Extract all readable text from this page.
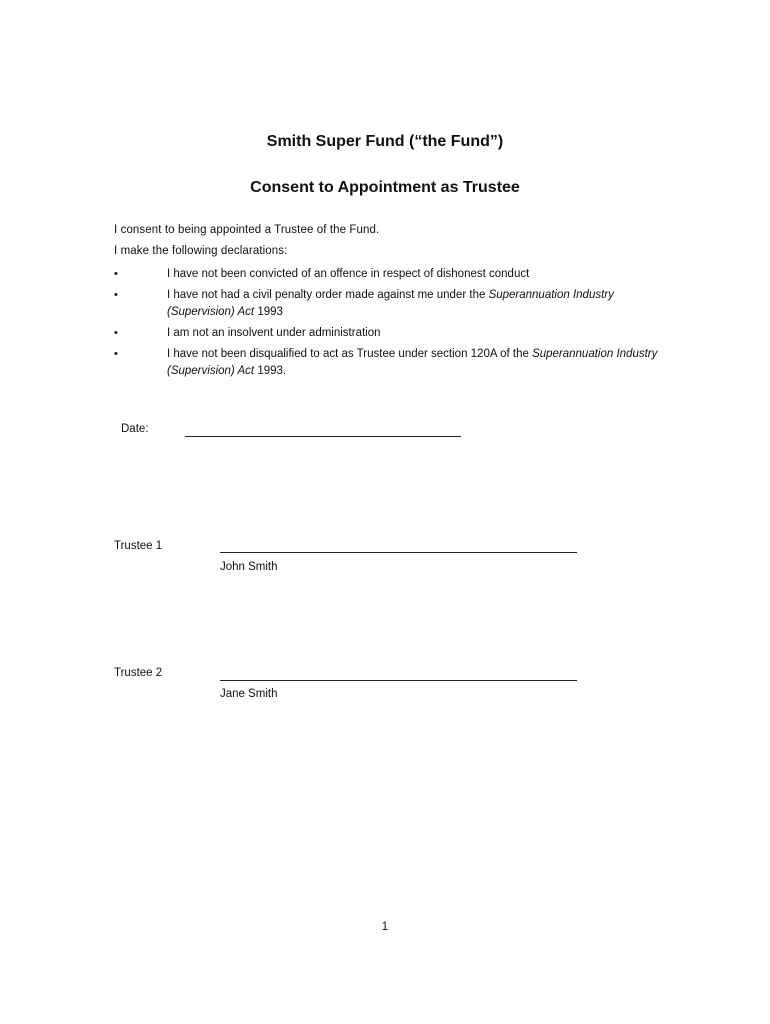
Smith Super Fund (“the Fund”)
Consent to Appointment as Trustee
I consent to being appointed a Trustee of the Fund.
I make the following declarations:
•	I have not been convicted of an offence in respect of dishonest conduct
•	I have not had a civil penalty order made against me under the Superannuation Industry (Supervision) Act 1993
•	I am not an insolvent under administration
•	I have not been disqualified to act as Trustee under section 120A of the Superannuation Industry (Supervision) Act 1993.
Date:
Trustee 1
John Smith
Trustee 2
Jane Smith
1
